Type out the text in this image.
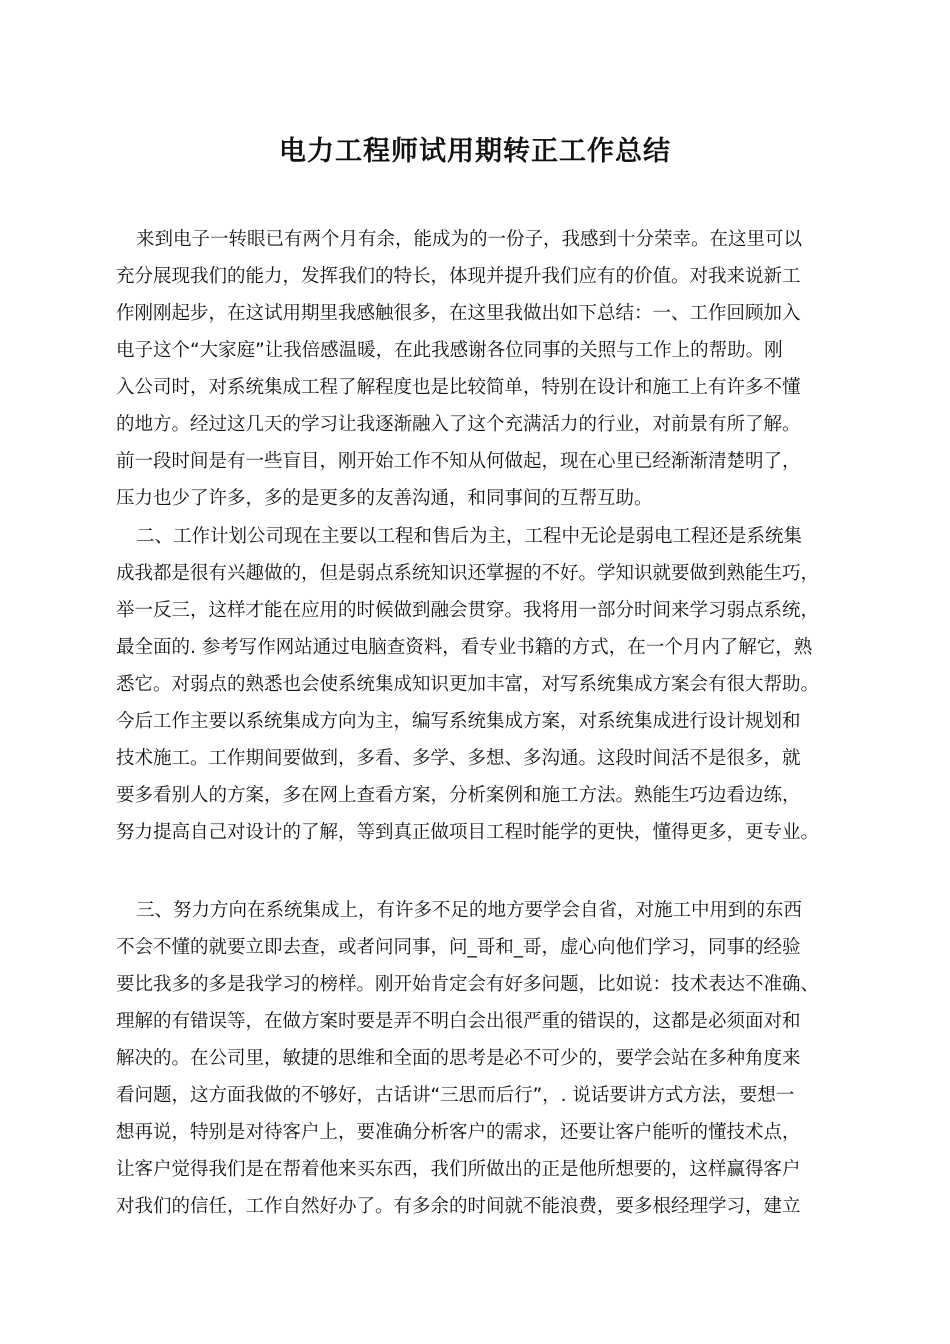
电力工程师试用期转正工作总结
来到电子一转眼已有两个月有余，能成为的一份子，我感到十分荣幸。在这里可以
充分展现我们的能力，发挥我们的特长，体现并提升我们应有的价值。对我来说新工
作刚刚起步，在这试用期里我感触很多，在这里我做出如下总结：一、工作回顾加入
电子这个“大家庭”让我倍感温暖，在此我感谢各位同事的关照与工作上的帮助。刚
入公司时，对系统集成工程了解程度也是比较简单，特别在设计和施工上有许多不懂
的地方。经过这几天的学习让我逐渐融入了这个充满活力的行业，对前景有所了解。
前一段时间是有一些盲目，刚开始工作不知从何做起，现在心里已经渐渐清楚明了，
压力也少了许多，多的是更多的友善沟通，和同事间的互帮互助。
二、工作计划公司现在主要以工程和售后为主，工程中无论是弱电工程还是系统集
成我都是很有兴趣做的，但是弱点系统知识还掌握的不好。学知识就要做到熟能生巧，
举一反三，这样才能在应用的时候做到融会贯穿。我将用一部分时间来学习弱点系统，
最全面的. 参考写作网站通过电脑查资料，看专业书籍的方式，在一个月内了解它，熟
悉它。对弱点的熟悉也会使系统集成知识更加丰富，对写系统集成方案会有很大帮助。
今后工作主要以系统集成方向为主，编写系统集成方案，对系统集成进行设计规划和
技术施工。工作期间要做到，多看、多学、多想、多沟通。这段时间活不是很多，就
要多看别人的方案，多在网上查看方案，分析案例和施工方法。熟能生巧边看边练，
努力提高自己对设计的了解，等到真正做项目工程时能学的更快，懂得更多，更专业。
三、努力方向在系统集成上，有许多不足的地方要学会自省，对施工中用到的东西
不会不懂的就要立即去查，或者问同事，问_哥和_哥，虚心向他们学习，同事的经验
要比我多的多是我学习的榜样。刚开始肯定会有好多问题，比如说：技术表达不准确、
理解的有错误等，在做方案时要是弄不明白会出很严重的错误的，这都是必须面对和
解决的。在公司里，敏捷的思维和全面的思考是必不可少的，要学会站在多种角度来
看问题，这方面我做的不够好，古话讲“三思而后行”，. 说话要讲方式方法，要想一
想再说，特别是对待客户上，要准确分析客户的需求，还要让客户能听的懂技术点，
让客户觉得我们是在帮着他来买东西，我们所做出的正是他所想要的，这样赢得客户
对我们的信任，工作自然好办了。有多余的时间就不能浪费，要多根经理学习，建立
